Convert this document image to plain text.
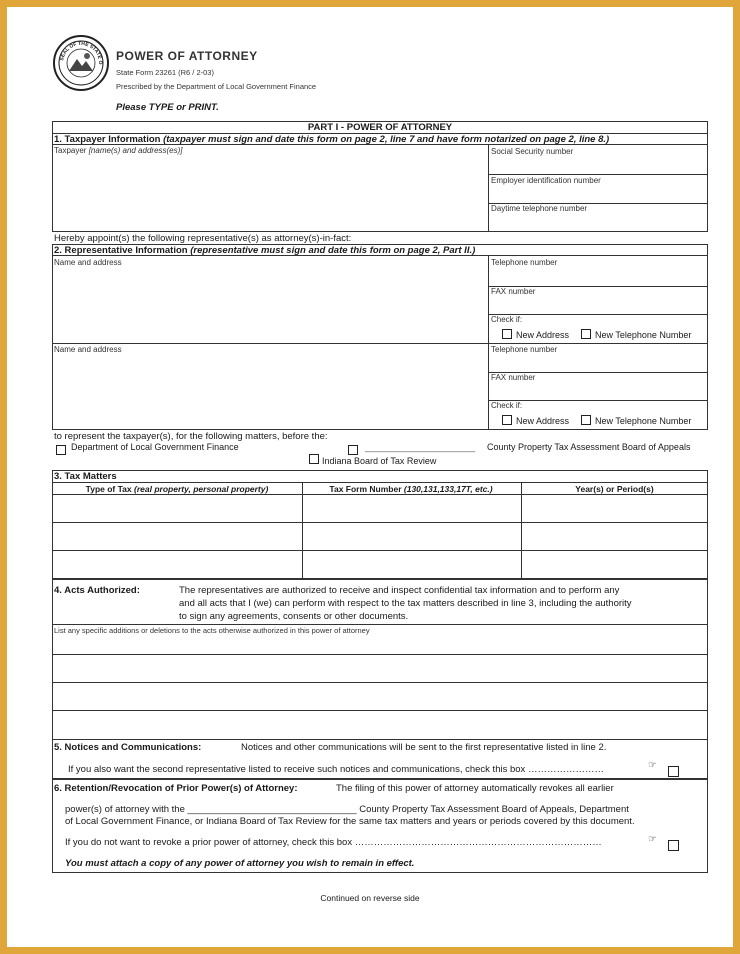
SEAL OF THE STATE O POWER OF ATTORNEY
State Form 23261 (R6 / 2-03)
Prescribed by the Department of Local Government Finance
Please TYPE or PRINT.
PART I - POWER OF ATTORNEY
1. Taxpayer Information (taxpayer must sign and date this form on page 2, line 7 and have form notarized on page 2, line 8.)
Taxpayer [name(s) and address(es)]	Social Security number
Employer identification number
Daytime telephone number
Hereby appoint(s) the following representative(s) as attorney(s)-in-fact:
2. Representative Information (representative must sign and date this form on page 2, Part II.)
Name and address	Telephone number
FAX number
Check if:
New Address	New Telephone Number
Name and address	Telephone number
FAX number
Check if:
New Address	New Telephone Number
to represent the taxpayer(s), for the following matters, before the:
Department of Local Government Finance	______________________ County Property Tax Assessment Board of Appeals
Indiana Board of Tax Review
3. Tax Matters
Type of Tax (real property, personal property)	Tax Form Number (130,131,133,17T, etc.)	Year(s) or Period(s)
4. Acts Authorized:	The representatives are authorized to receive and inspect confidential tax information and to perform any
and all acts that I (we) can perform with respect to the tax matters described in line 3, including the authority
to sign any agreements, consents or other documents.
List any specific additions or deletions to the acts otherwise authorized in this power of attorney
5. Notices and Communications:	Notices and other communications will be sent to the first representative listed in line 2.
If you also want the second representative listed to receive such notices and communications, check this box ……………………	☞
6. Retention/Revocation of Prior Power(s) of Attorney:	The filing of this power of attorney automatically revokes all earlier
power(s) of attorney with the ________________________________ County Property Tax Assessment Board of Appeals, Department
of Local Government Finance, or Indiana Board of Tax Review for the same tax matters and years or periods covered by this document.
If you do not want to revoke a prior power of attorney, check this box ……………………………………………………………………	☞
You must attach a copy of any power of attorney you wish to remain in effect.
Continued on reverse side
